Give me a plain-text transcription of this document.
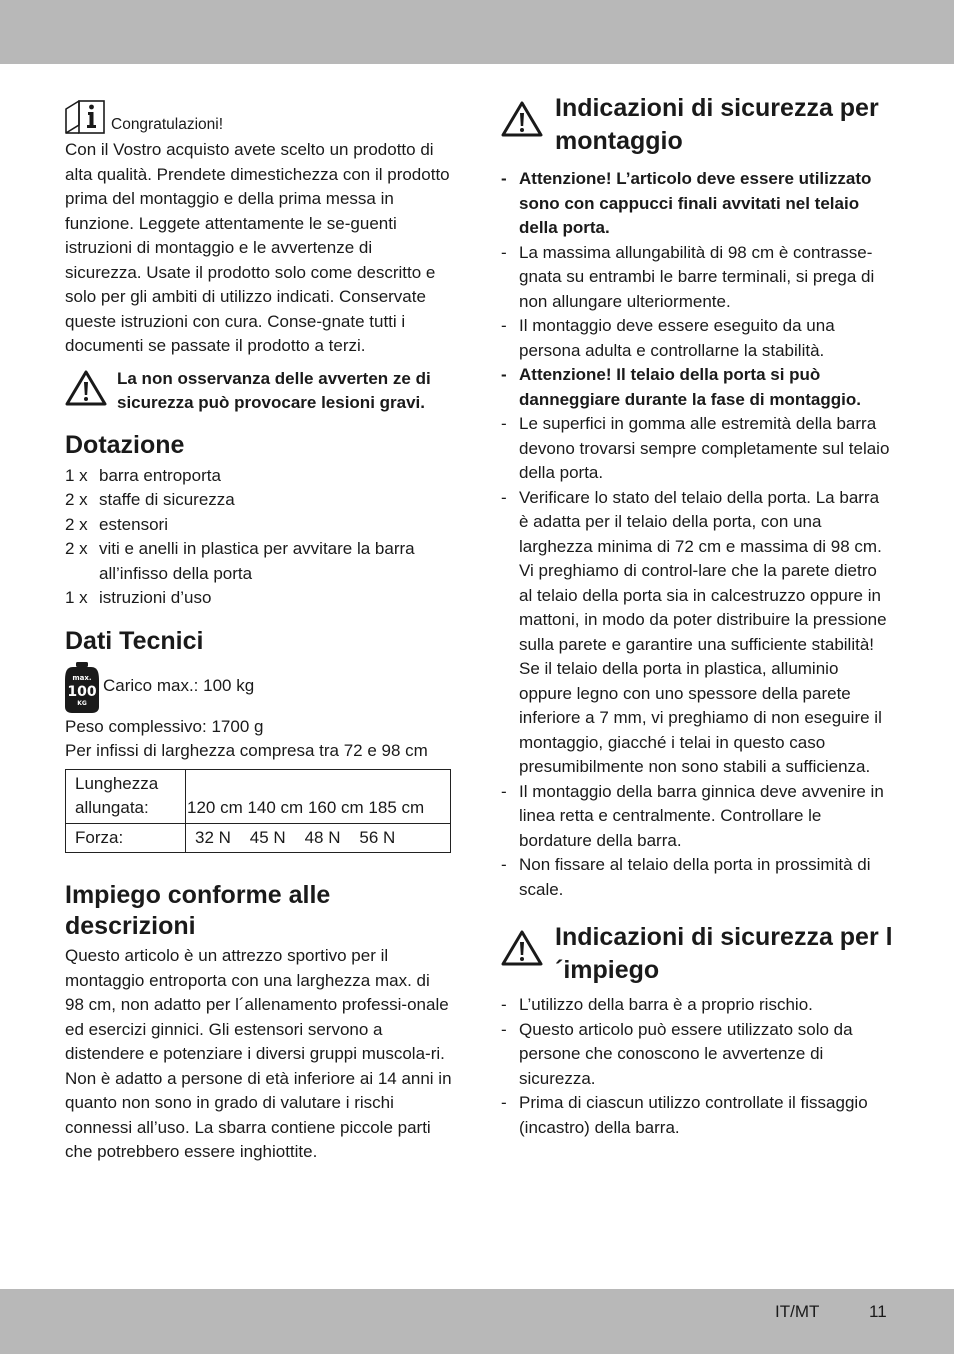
Congratulazioni!

Con il Vostro acquisto avete scelto un prodotto di alta qualità. Prendete dimestichezza con il prodotto prima del montaggio e della prima messa in funzione. Leggete attentamente le se-guenti istruzioni di montaggio e le avvertenze di sicurezza. Usate il prodotto solo come descritto e solo per gli ambiti di utilizzo indicati. Conservate queste istruzioni con cura. Conse-gnate tutti i documenti se passate il prodotto a terzi.

La non osservanza delle avverten ze di sicurezza può provocare lesioni gravi.
Dotazione
1 x barra entroporta
2 x staffe di sicurezza
2 x estensori
2 x viti e anelli in plastica per avvitare la barra all’infisso della porta
1 x istruzioni d’uso
Dati Tecnici
max.
100
KG
Carico max.: 100 kg

Peso complessivo: 1700 g

Per infissi di larghezza compresa tra 72 e 98 cm

Lunghezza allungata:	120 cm 140 cm 160 cm 185 cm
Forza:	32 N    45 N    48 N    56 N
Impiego conforme alle descrizioni

Questo articolo è un attrezzo sportivo per il montaggio entroporta con una larghezza max. di 98 cm, non adatto per l´allenamento professi-onale ed esercizi ginnici. Gli estensori servono a distendere e potenziare i diversi gruppi muscola-ri. Non è adatto a persone di età inferiore ai 14 anni in quanto non sono in grado di valutare i rischi connessi all’uso. La sbarra contiene piccole parti che potrebbero essere inghiottite.

Indicazioni di sicurezza per montaggio
- Attenzione! L’articolo deve essere utilizzato sono con cappucci finali avvitati nel telaio della porta.
- La massima allungabilità di 98 cm è contrasse-gnata su entrambi le barre terminali, si prega di non allungare ulteriormente.
- Il montaggio deve essere eseguito da una persona adulta e controllarne la stabilità.
- Attenzione! Il telaio della porta si può danneggiare durante la fase di montaggio.
- Le superfici in gomma alle estremità della barra devono trovarsi sempre completamente sul telaio della porta.
- Verificare lo stato del telaio della porta. La barra è adatta per il telaio della porta, con una larghezza minima di 72 cm e massima di 98 cm. Vi preghiamo di control-lare che la parete dietro al telaio della porta sia in calcestruzzo oppure in mattoni, in modo da poter distribuire la pressione sulla parete e garantire una sufficiente stabilità! Se il telaio della porta in plastica, alluminio oppure legno con uno spessore della parete inferiore a 7 mm, vi preghiamo di non eseguire il montaggio, giacché i telai in questo caso presumibilmente non sono stabili a sufficienza.
- Il montaggio della barra ginnica deve avvenire in linea retta e centralmente. Controllare le bordature della barra.
- Non fissare al telaio della porta in prossimità di scale.
Indicazioni di sicurezza per l´impiego
- L’utilizzo della barra è a proprio rischio.
- Questo articolo può essere utilizzato solo da persone che conoscono le avvertenze di sicurezza.
- Prima di ciascun utilizzo controllate il fissaggio (incastro) della barra.
IT/MT	11
